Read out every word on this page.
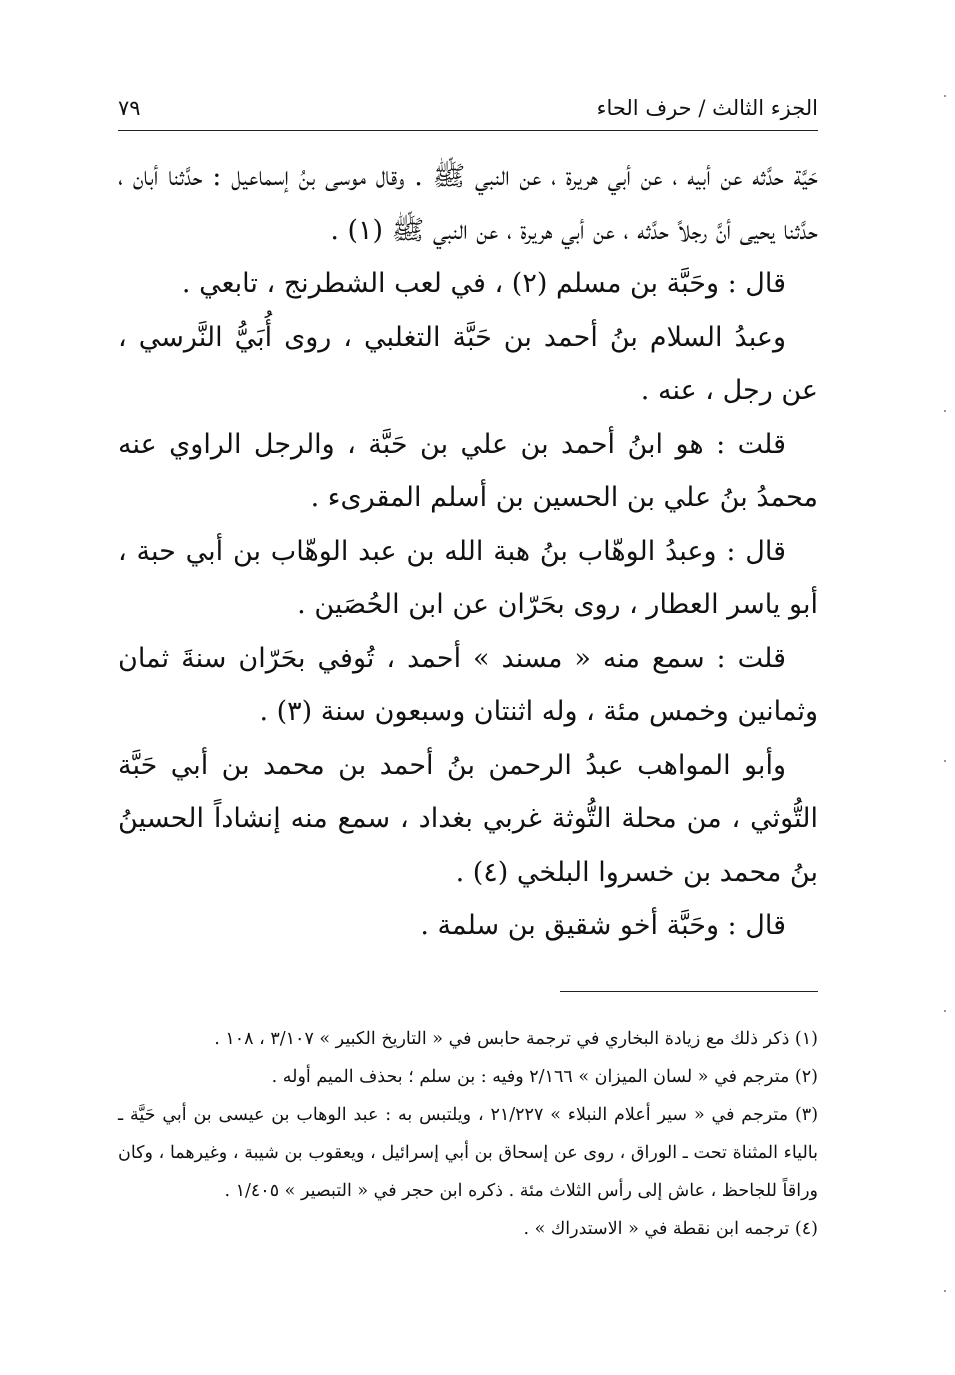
الجزء الثالث / حرف الحاء
٧٩

حَيَّة حدَّثه عن أبيه ، عن أبي هريرة ، عن النبي ﷺ . وقال موسى بنُ إسماعيل : حدَّثنا أبان ، حدَّثنا يحيى أنَّ رجلاً حدَّثه ، عن أبي هريرة ، عن النبي ﷺ (١) .

قال : وحَبَّة بن مسلم (٢) ، في لعب الشطرنج ، تابعي .

وعبدُ السلام بنُ أحمد بن حَبَّة التغلبي ، روى أُبَيُّ النَّرسي ، عن رجل ، عنه .

قلت : هو ابنُ أحمد بن علي بن حَبَّة ، والرجل الراوي عنه محمدُ بنُ علي بن الحسين بن أسلم المقرىء .

قال : وعبدُ الوهّاب بنُ هبة الله بن عبد الوهّاب بن أبي حبة ، أبو ياسر العطار ، روى بحَرّان عن ابن الحُصَين .

قلت : سمع منه « مسند » أحمد ، تُوفي بحَرّان سنةَ ثمان وثمانين وخمس مئة ، وله اثنتان وسبعون سنة (٣) .

وأبو المواهب عبدُ الرحمن بنُ أحمد بن محمد بن أبي حَبَّة التُّوثي ، من محلة التُّوثة غربي بغداد ، سمع منه إنشاداً الحسينُ بنُ محمد بن خسروا البلخي (٤) .

قال : وحَبَّة أخو شقيق بن سلمة .

(١) ذكر ذلك مع زيادة البخاري في ترجمة حابس في « التاريخ الكبير » ٣/١٠٧ ، ١٠٨ .

(٢) مترجم في « لسان الميزان » ٢/١٦٦ وفيه : بن سلم ؛ بحذف الميم أوله .

(٣) مترجم في « سير أعلام النبلاء » ٢١/٢٢٧ ، ويلتبس به : عبد الوهاب بن عيسى بن أبي حَيَّة ـ بالياء المثناة تحت ـ الوراق ، روى عن إسحاق بن أبي إسرائيل ، ويعقوب بن شيبة ، وغيرهما ، وكان وراقاً للجاحظ ، عاش إلى رأس الثلاث مئة . ذكره ابن حجر في « التبصير » ١/٤٠٥ .

(٤) ترجمه ابن نقطة في « الاستدراك » .
